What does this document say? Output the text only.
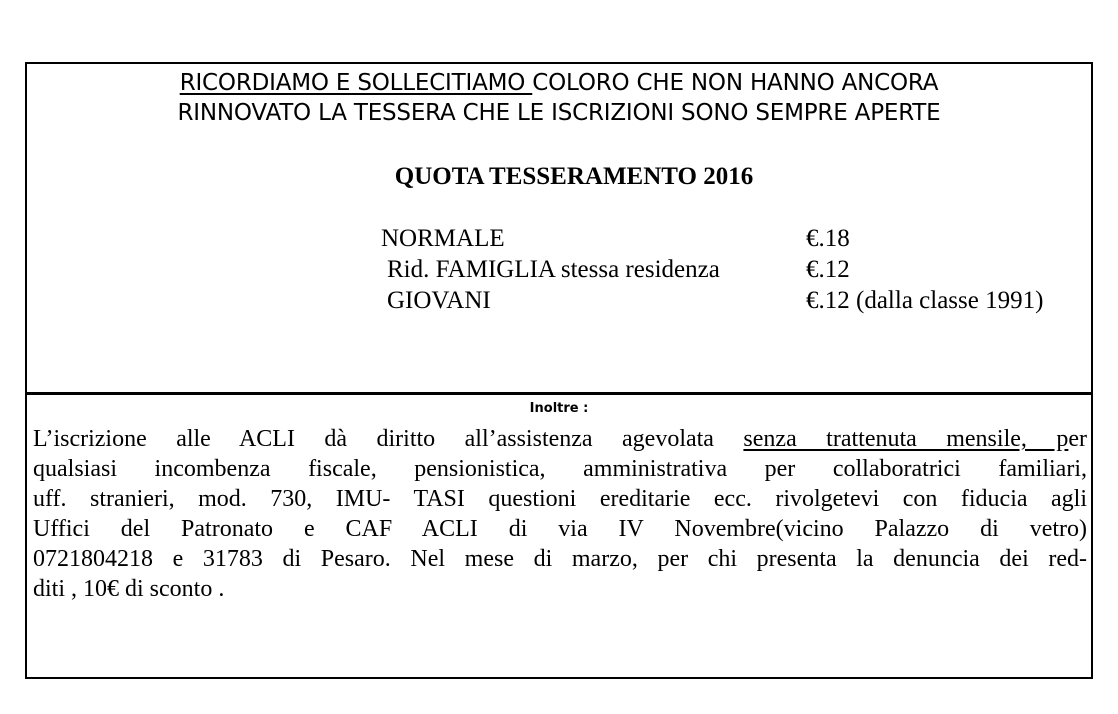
RICORDIAMO E SOLLECITIAMO COLORO CHE NON HANNO ANCORA
RINNOVATO LA TESSERA CHE LE ISCRIZIONI SONO SEMPRE APERTE
QUOTA TESSERAMENTO 2016
NORMALE	€.18
Rid. FAMIGLIA stessa residenza	€.12
GIOVANI	€.12 (dalla classe 1991)
Inoltre :
L’iscrizione alle ACLI dà diritto all’assistenza agevolata senza trattenuta mensile, per
qualsiasi incombenza fiscale, pensionistica, amministrativa per collaboratrici familiari,
uff. stranieri, mod. 730, IMU- TASI questioni ereditarie ecc. rivolgetevi con fiducia agli
Uffici del Patronato e CAF ACLI di via IV Novembre(vicino Palazzo di vetro)
0721804218 e 31783 di Pesaro. Nel mese di marzo, per chi presenta la denuncia dei red-
diti , 10€ di sconto .
